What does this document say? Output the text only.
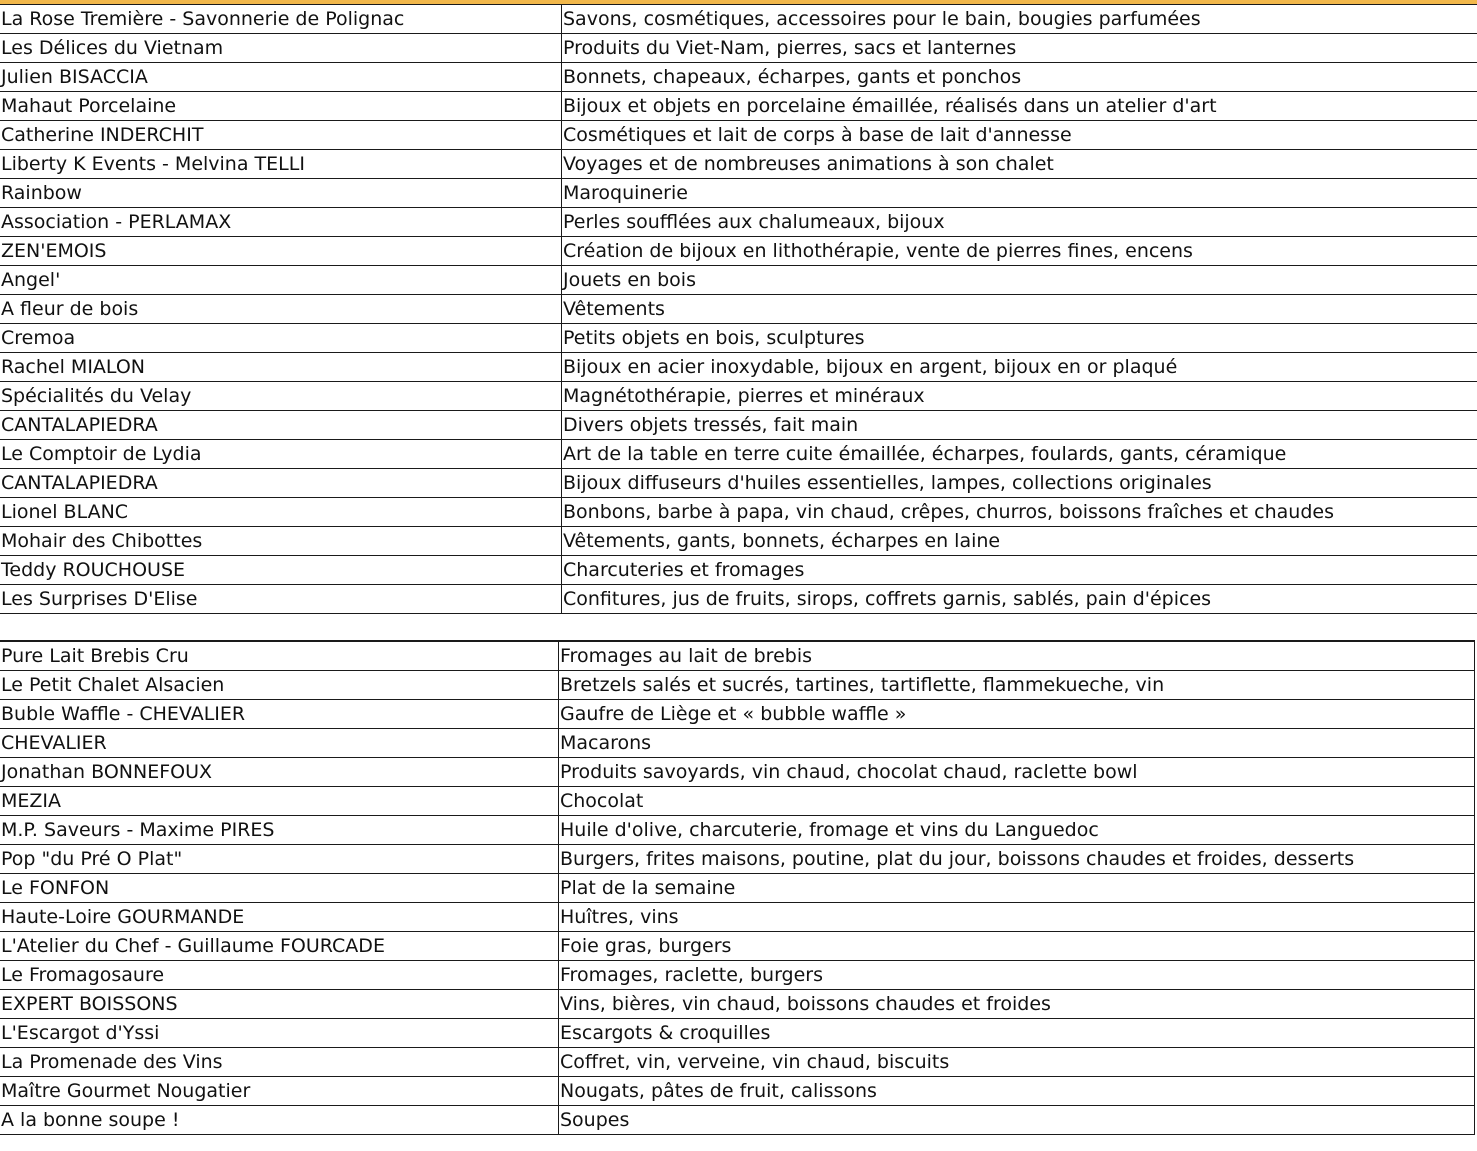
La Rose Tremière - Savonnerie de Polignac	Savons, cosmétiques, accessoires pour le bain, bougies parfumées
Les Délices du Vietnam	Produits du Viet-Nam, pierres, sacs et lanternes
Julien BISACCIA	Bonnets, chapeaux, écharpes, gants et ponchos
Mahaut Porcelaine	Bijoux et objets en porcelaine émaillée, réalisés dans un atelier d'art
Catherine INDERCHIT	Cosmétiques et lait de corps à base de lait d'annesse
Liberty K Events - Melvina TELLI	Voyages et de nombreuses animations à son chalet
Rainbow	Maroquinerie
Association - PERLAMAX	Perles soufflées aux chalumeaux, bijoux
ZEN'EMOIS	Création de bijoux en lithothérapie, vente de pierres fines, encens
Angel'	Jouets en bois
A fleur de bois	Vêtements
Cremoa	Petits objets en bois, sculptures
Rachel MIALON	Bijoux en acier inoxydable, bijoux en argent, bijoux en or plaqué
Spécialités du Velay	Magnétothérapie, pierres et minéraux
CANTALAPIEDRA	Divers objets tressés, fait main
Le Comptoir de Lydia	Art de la table en terre cuite émaillée, écharpes, foulards, gants, céramique
CANTALAPIEDRA	Bijoux diffuseurs d'huiles essentielles, lampes, collections originales
Lionel BLANC	Bonbons, barbe à papa, vin chaud, crêpes, churros, boissons fraîches et chaudes
Mohair des Chibottes	Vêtements, gants, bonnets, écharpes en laine
Teddy ROUCHOUSE	Charcuteries et fromages
Les Surprises D'Elise	Confitures, jus de fruits, sirops, coffrets garnis, sablés, pain d'épices
Pure Lait Brebis Cru	Fromages au lait de brebis
Le Petit Chalet Alsacien	Bretzels salés et sucrés, tartines, tartiflette, flammekueche, vin
Buble Waffle - CHEVALIER	Gaufre de Liège et « bubble waffle »
CHEVALIER	Macarons
Jonathan BONNEFOUX	Produits savoyards, vin chaud, chocolat chaud, raclette bowl
MEZIA	Chocolat
M.P. Saveurs - Maxime PIRES	Huile d'olive, charcuterie, fromage et vins du Languedoc
Pop "du Pré O Plat"	Burgers, frites maisons, poutine, plat du jour, boissons chaudes et froides, desserts
Le FONFON	Plat de la semaine
Haute-Loire GOURMANDE	Huîtres, vins
L'Atelier du Chef - Guillaume FOURCADE	Foie gras, burgers
Le Fromagosaure	Fromages, raclette, burgers
EXPERT BOISSONS	Vins, bières, vin chaud, boissons chaudes et froides
L'Escargot d'Yssi	Escargots & croquilles
La Promenade des Vins	Coffret, vin, verveine, vin chaud, biscuits
Maître Gourmet Nougatier	Nougats, pâtes de fruit, calissons
A la bonne soupe !	Soupes
